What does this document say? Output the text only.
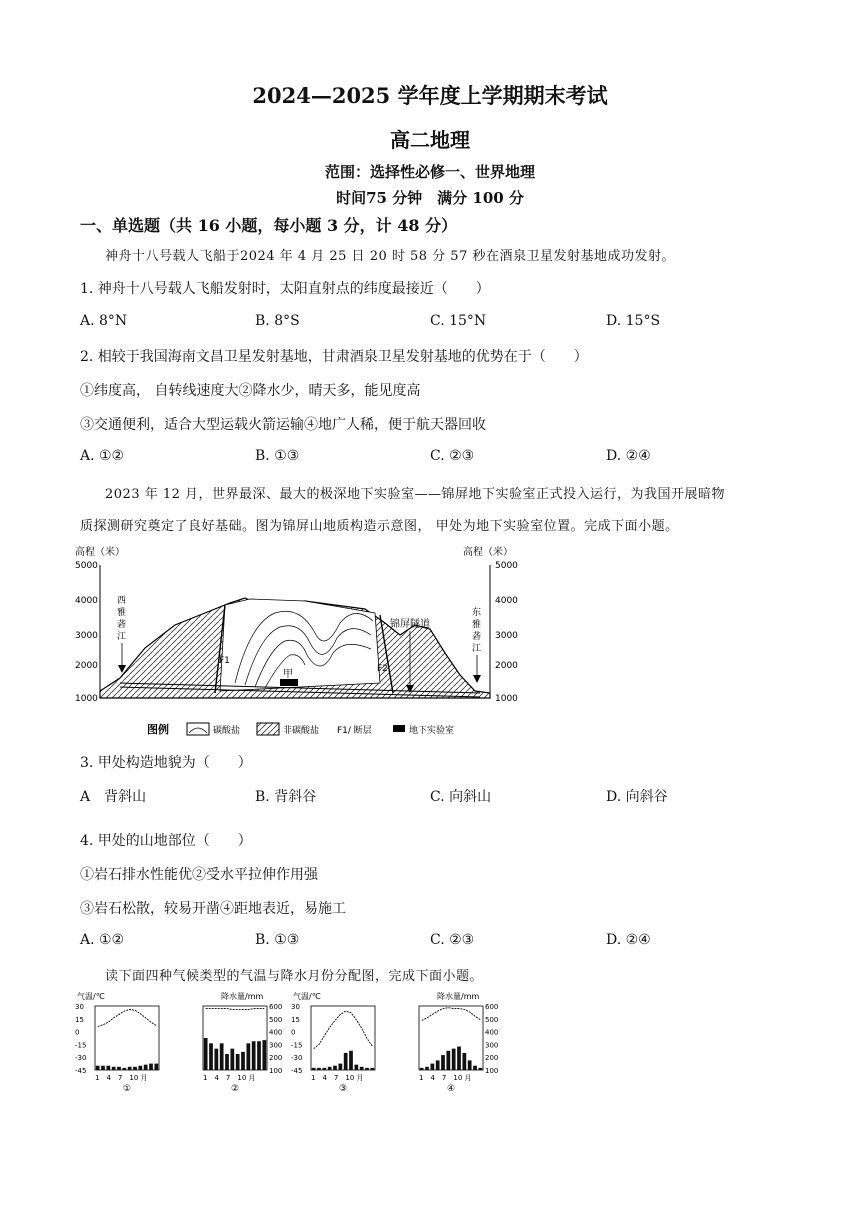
2024—2025 学年度上学期期末考试
高二地理
范围：选择性必修一、世界地理
时间75 分钟　满分 100 分
一、单选题（共 16 小题，每小题 3 分，计 48 分）
神舟十八号载人飞船于2024 年 4 月 25 日 20 时 58 分 57 秒在酒泉卫星发射基地成功发射。
1. 神舟十八号载人飞船发射时，太阳直射点的纬度最接近（　　）
A. 8°N	B. 8°S	C. 15°N	D. 15°S
2. 相较于我国海南文昌卫星发射基地，甘肃酒泉卫星发射基地的优势在于（　　）
①纬度高， 自转线速度大②降水少，晴天多，能见度高
③交通便利，适合大型运载火箭运输④地广人稀，便于航天器回收
A. ①②	B. ①③	C. ②③	D. ②④
2023 年 12 月，世界最深、最大的极深地下实验室——锦屏地下实验室正式投入运行，为我国开展暗物
质探测研究奠定了良好基础。图为锦屏山地质构造示意图， 甲处为地下实验室位置。完成下面小题。
高程（米）	高程（米）
5000
4000
3000
2000
1000
5000
4000
3000
2000
1000
F1
F2
甲
锦屏隧道
西
雅
砻
江
东
雅
砻
江
图例	碳酸盐	非碳酸盐 F1/ 断层	地下实验室
3. 甲处构造地貌为（　　）
A　背斜山	B. 背斜谷	C. 向斜山	D. 向斜谷
4. 甲处的山地部位（　　）
①岩石排水性能优②受水平拉伸作用强
③岩石松散，较易开凿④距地表近，易施工
A. ①②	B. ①③	C. ②③	D. ②④
读下面四种气候类型的气温与降水月份分配图，完成下面小题。
气温/℃
30
15
0
-15
-30
-45
1　4　7　10 月
①
降水量/mm
600
500
400
300
200
100
1　4　7　10 月
②
气温/℃
30
15
0
-15
-30
-45
1　4　7　10 月
③
降水量/mm
600
500
400
300
200
100
1　4　7　10 月
④
